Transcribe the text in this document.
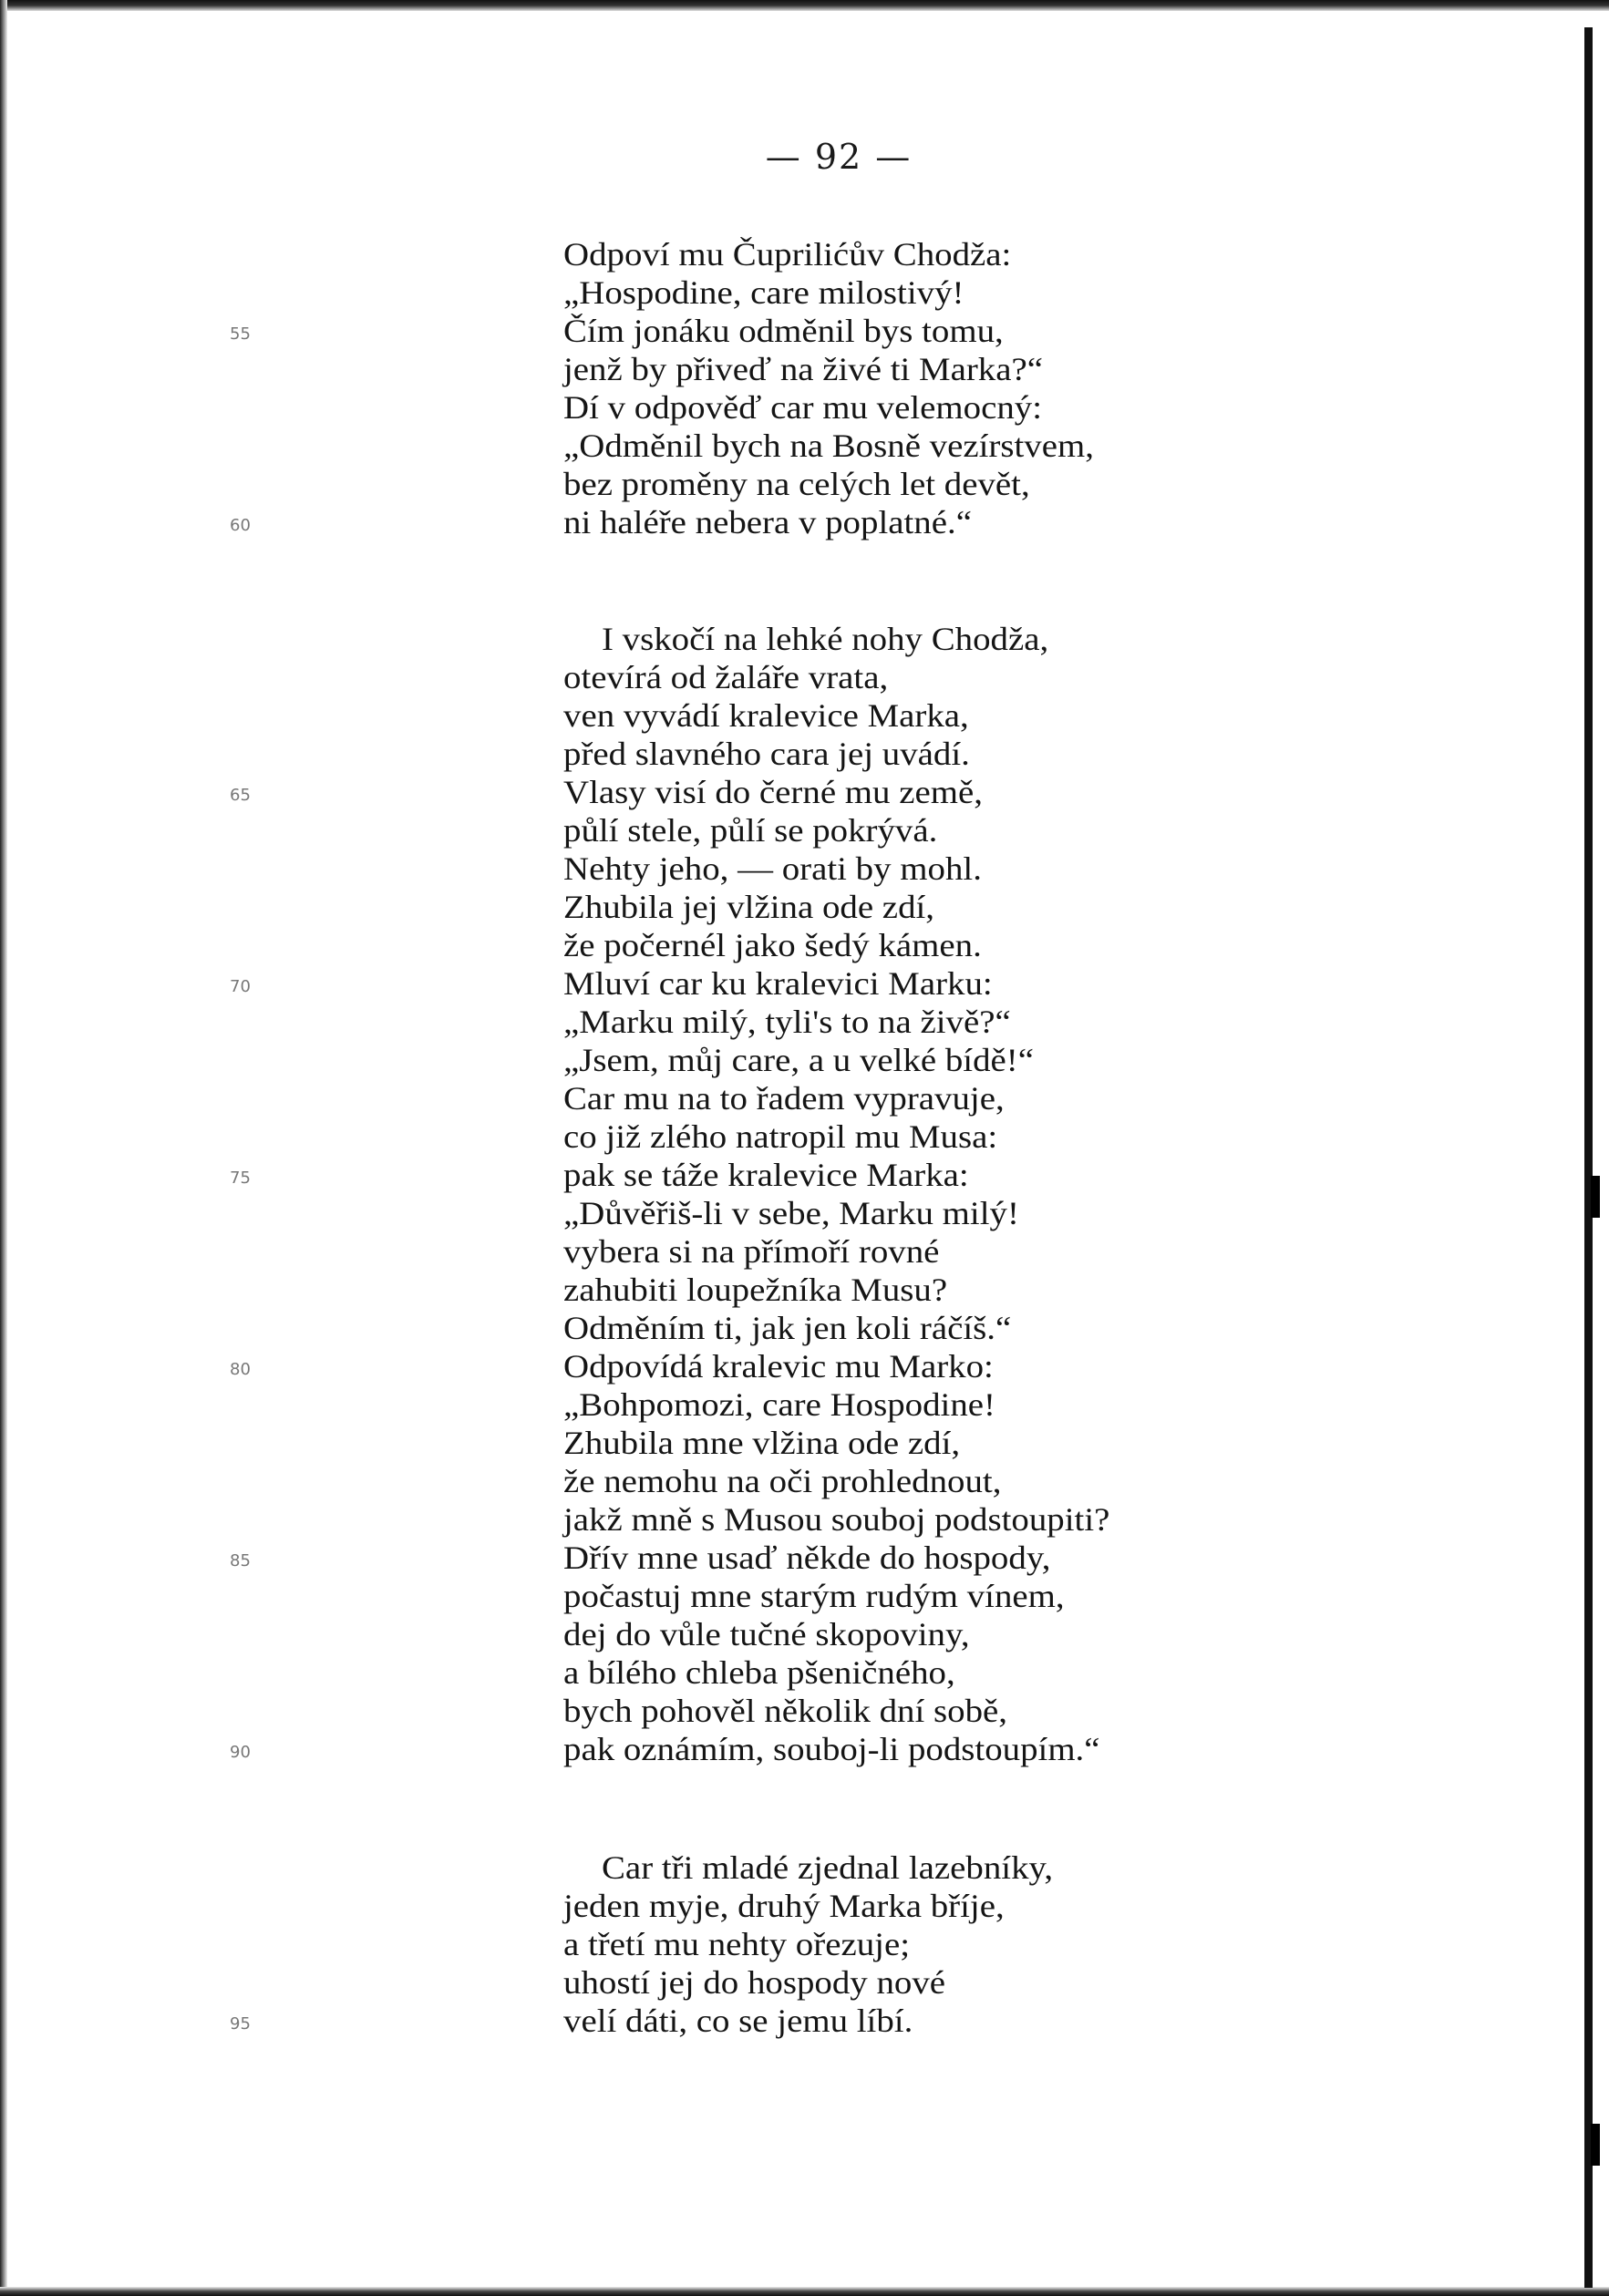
— 92 —
Odpoví mu Čuprilićův Chodža:
„Hospodine, care milostivý!
Čím jonáku odměnil bys tomu,
jenž by přiveď na živé ti Marka?“
Dí v odpověď car mu velemocný:
„Odměnil bych na Bosně vezírstvem,
bez proměny na celých let devět,
ni haléře nebera v poplatné.“
I vskočí na lehké nohy Chodža,
otevírá od žaláře vrata,
ven vyvádí kralevice Marka,
před slavného cara jej uvádí.
Vlasy visí do černé mu země,
půlí stele, půlí se pokrývá.
Nehty jeho, — orati by mohl.
Zhubila jej vlžina ode zdí,
že počernél jako šedý kámen.
Mluví car ku kralevici Marku:
„Marku milý, tyli's to na živě?“
„Jsem, můj care, a u velké bídě!“
Car mu na to řadem vypravuje,
co již zlého natropil mu Musa:
pak se táže kralevice Marka:
„Důvěřiš-li v sebe, Marku milý!
vybera si na přímoří rovné
zahubiti loupežníka Musu?
Odměním ti, jak jen koli ráčíš.“
Odpovídá kralevic mu Marko:
„Bohpomozi, care Hospodine!
Zhubila mne vlžina ode zdí,
že nemohu na oči prohlednout,
jakž mně s Musou souboj podstoupiti?
Dřív mne usaď někde do hospody,
počastuj mne starým rudým vínem,
dej do vůle tučné skopoviny,
a bílého chleba pšeničného,
bych pohověl několik dní sobě,
pak oznámím, souboj-li podstoupím.“
Car tři mladé zjednal lazebníky,
jeden myje, druhý Marka bříje,
a třetí mu nehty ořezuje;
uhostí jej do hospody nové
velí dáti, co se jemu líbí.
55
60
65
70
75
80
85
90
95
